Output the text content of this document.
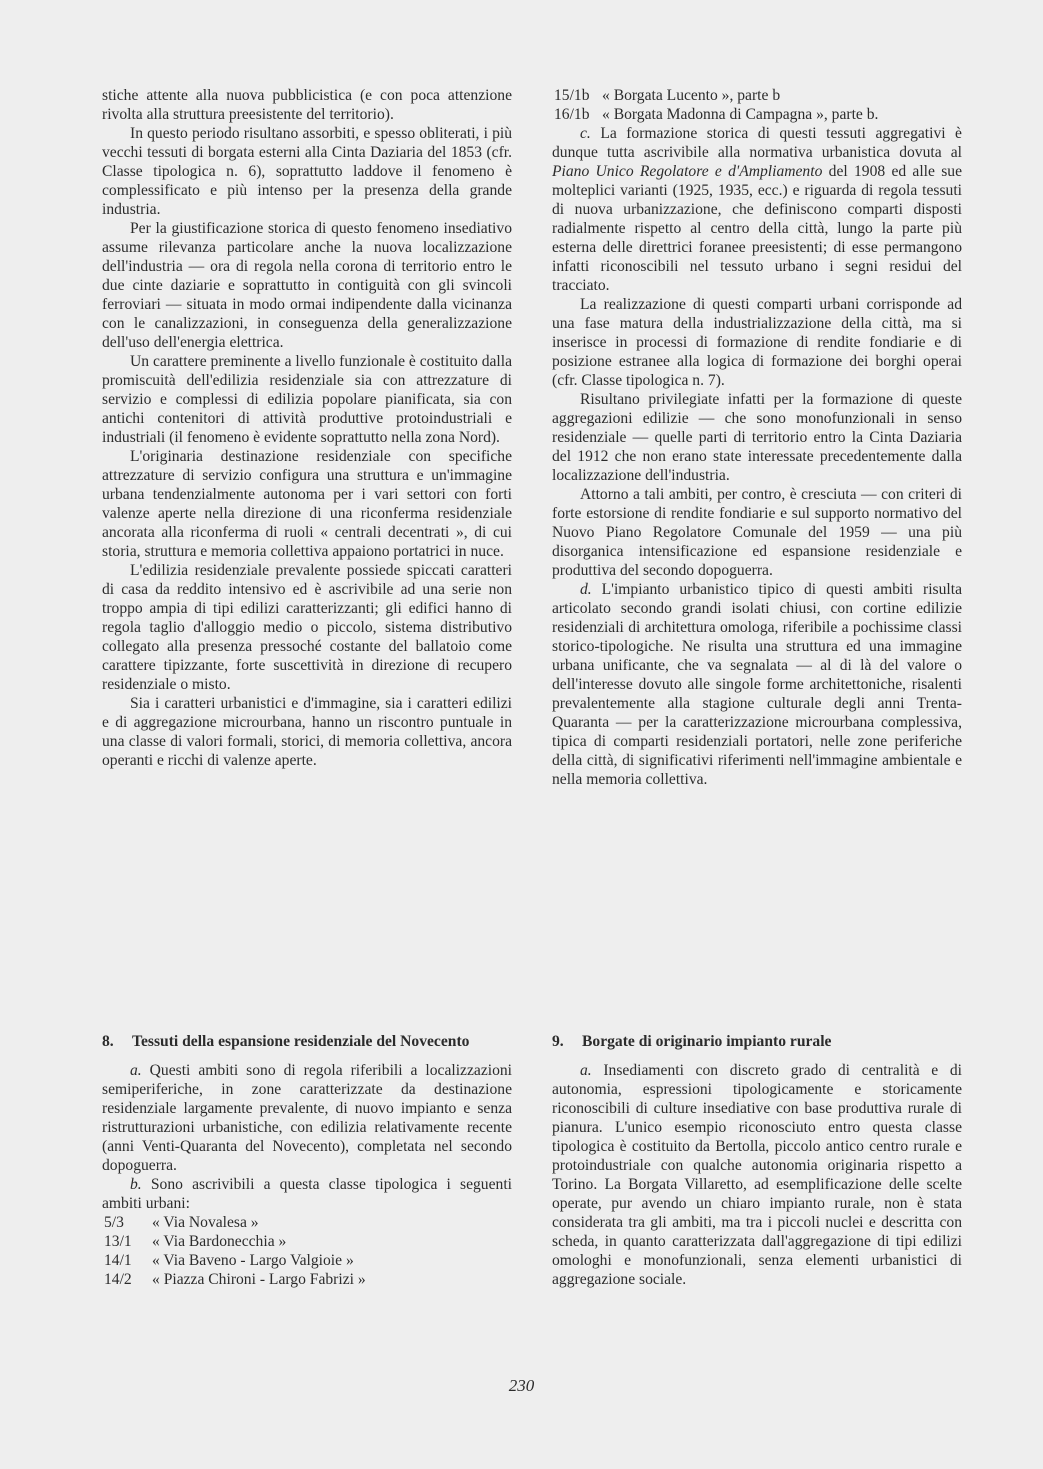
stiche attente alla nuova pubblicistica (e con poca attenzione rivolta alla struttura preesistente del territorio).

In questo periodo risultano assorbiti, e spesso obliterati, i più vecchi tessuti di borgata esterni alla Cinta Daziaria del 1853 (cfr. Classe tipologica n. 6), soprattutto laddove il fenomeno è complessificato e più intenso per la presenza della grande industria.

Per la giustificazione storica di questo fenomeno insediativo assume rilevanza particolare anche la nuova localizzazione dell'industria — ora di regola nella corona di territorio entro le due cinte daziarie e soprattutto in contiguità con gli svincoli ferroviari — situata in modo ormai indipendente dalla vicinanza con le canalizzazioni, in conseguenza della generalizzazione dell'uso dell'energia elettrica.

Un carattere preminente a livello funzionale è costituito dalla promiscuità dell'edilizia residenziale sia con attrezzature di servizio e complessi di edilizia popolare pianificata, sia con antichi contenitori di attività produttive protoindustriali e industriali (il fenomeno è evidente soprattutto nella zona Nord).

L'originaria destinazione residenziale con specifiche attrezzature di servizio configura una struttura e un'immagine urbana tendenzialmente autonoma per i vari settori con forti valenze aperte nella direzione di una riconferma residenziale ancorata alla riconferma di ruoli « centrali decentrati », di cui storia, struttura e memoria collettiva appaiono portatrici in nuce.

L'edilizia residenziale prevalente possiede spiccati caratteri di casa da reddito intensivo ed è ascrivibile ad una serie non troppo ampia di tipi edilizi caratterizzanti; gli edifici hanno di regola taglio d'alloggio medio o piccolo, sistema distributivo collegato alla presenza pressoché costante del ballatoio come carattere tipizzante, forte suscettività in direzione di recupero residenziale o misto.

Sia i caratteri urbanistici e d'immagine, sia i caratteri edilizi e di aggregazione microurbana, hanno un riscontro puntuale in una classe di valori formali, storici, di memoria collettiva, ancora operanti e ricchi di valenze aperte.

15/1b « Borgata Lucento », parte b
16/1b « Borgata Madonna di Campagna », parte b.

c. La formazione storica di questi tessuti aggregativi è dunque tutta ascrivibile alla normativa urbanistica dovuta al Piano Unico Regolatore e d'Ampliamento del 1908 ed alle sue molteplici varianti (1925, 1935, ecc.) e riguarda di regola tessuti di nuova urbanizzazione, che definiscono comparti disposti radialmente rispetto al centro della città, lungo la parte più esterna delle direttrici foranee preesistenti; di esse permangono infatti riconoscibili nel tessuto urbano i segni residui del tracciato.

La realizzazione di questi comparti urbani corrisponde ad una fase matura della industrializzazione della città, ma si inserisce in processi di formazione di rendite fondiarie e di posizione estranee alla logica di formazione dei borghi operai (cfr. Classe tipologica n. 7).

Risultano privilegiate infatti per la formazione di queste aggregazioni edilizie — che sono monofunzionali in senso residenziale — quelle parti di territorio entro la Cinta Daziaria del 1912 che non erano state interessate precedentemente dalla localizzazione dell'industria.

Attorno a tali ambiti, per contro, è cresciuta — con criteri di forte estorsione di rendite fondiarie e sul supporto normativo del Nuovo Piano Regolatore Comunale del 1959 — una più disorganica intensificazione ed espansione residenziale e produttiva del secondo dopoguerra.

d. L'impianto urbanistico tipico di questi ambiti risulta articolato secondo grandi isolati chiusi, con cortine edilizie residenziali di architettura omologa, riferibile a pochissime classi storico-tipologiche. Ne risulta una struttura ed una immagine urbana unificante, che va segnalata — al di là del valore o dell'interesse dovuto alle singole forme architettoniche, risalenti prevalentemente alla stagione culturale degli anni Trenta-Quaranta — per la caratterizzazione microurbana complessiva, tipica di comparti residenziali portatori, nelle zone periferiche della città, di significativi riferimenti nell'immagine ambientale e nella memoria collettiva.

8.	Tessuti della espansione residenziale del Novecento

a. Questi ambiti sono di regola riferibili a localizzazioni semiperiferiche, in zone caratterizzate da destinazione residenziale largamente prevalente, di nuovo impianto e senza ristrutturazioni urbanistiche, con edilizia relativamente recente (anni Venti-Quaranta del Novecento), completata nel secondo dopoguerra.

b. Sono ascrivibili a questa classe tipologica i seguenti ambiti urbani:

5/3	« Via Novalesa »
13/1	« Via Bardonecchia »
14/1	« Via Baveno - Largo Valgioie »
14/2	« Piazza Chironi - Largo Fabrizi »
9.	Borgate di originario impianto rurale

a. Insediamenti con discreto grado di centralità e di autonomia, espressioni tipologicamente e storicamente riconoscibili di culture insediative con base produttiva rurale di pianura. L'unico esempio riconosciuto entro questa classe tipologica è costituito da Bertolla, piccolo antico centro rurale e protoindustriale con qualche autonomia originaria rispetto a Torino. La Borgata Villaretto, ad esemplificazione delle scelte operate, pur avendo un chiaro impianto rurale, non è stata considerata tra gli ambiti, ma tra i piccoli nuclei e descritta con scheda, in quanto caratterizzata dall'aggregazione di tipi edilizi omologhi e monofunzionali, senza elementi urbanistici di aggregazione sociale.

230
